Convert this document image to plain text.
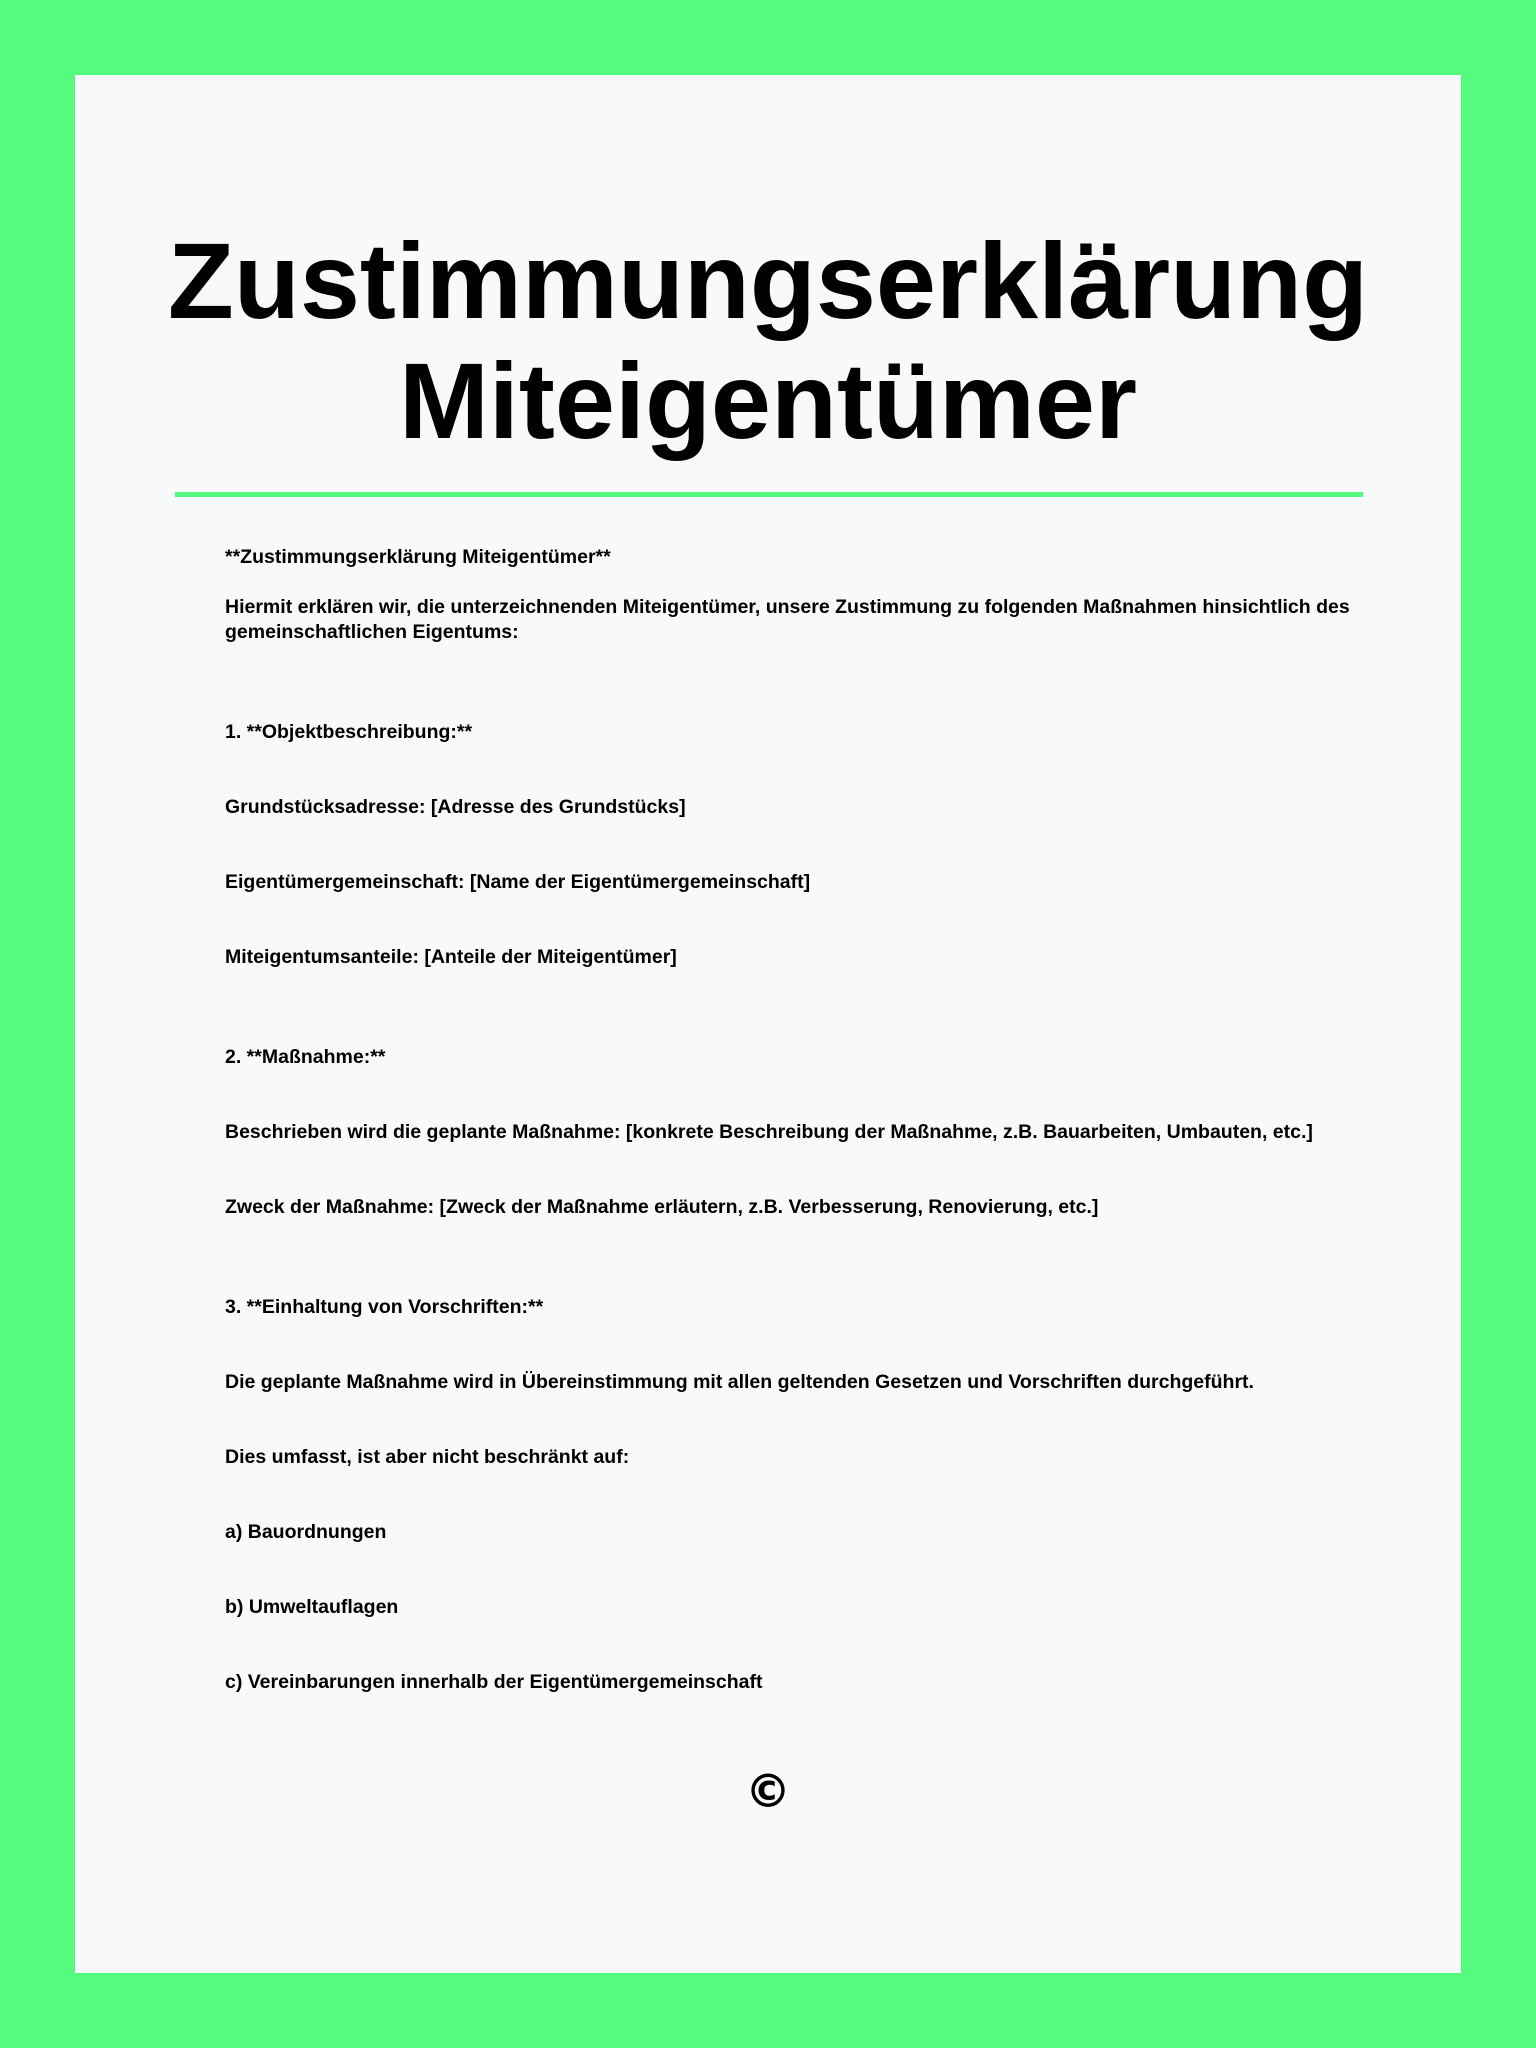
Zustimmungserklärung
Miteigentümer

**Zustimmungserklärung Miteigentümer**

Hiermit erklären wir, die unterzeichnenden Miteigentümer, unsere Zustimmung zu folgenden Maßnahmen hinsichtlich des gemeinschaftlichen Eigentums:

1. **Objektbeschreibung:**

Grundstücksadresse: [Adresse des Grundstücks]

Eigentümergemeinschaft: [Name der Eigentümergemeinschaft]

Miteigentumsanteile: [Anteile der Miteigentümer]

2. **Maßnahme:**

Beschrieben wird die geplante Maßnahme: [konkrete Beschreibung der Maßnahme, z.B. Bauarbeiten, Umbauten, etc.]

Zweck der Maßnahme: [Zweck der Maßnahme erläutern, z.B. Verbesserung, Renovierung, etc.]

3. **Einhaltung von Vorschriften:**

Die geplante Maßnahme wird in Übereinstimmung mit allen geltenden Gesetzen und Vorschriften durchgeführt.

Dies umfasst, ist aber nicht beschränkt auf:

a) Bauordnungen

b) Umweltauflagen

c) Vereinbarungen innerhalb der Eigentümergemeinschaft

©
